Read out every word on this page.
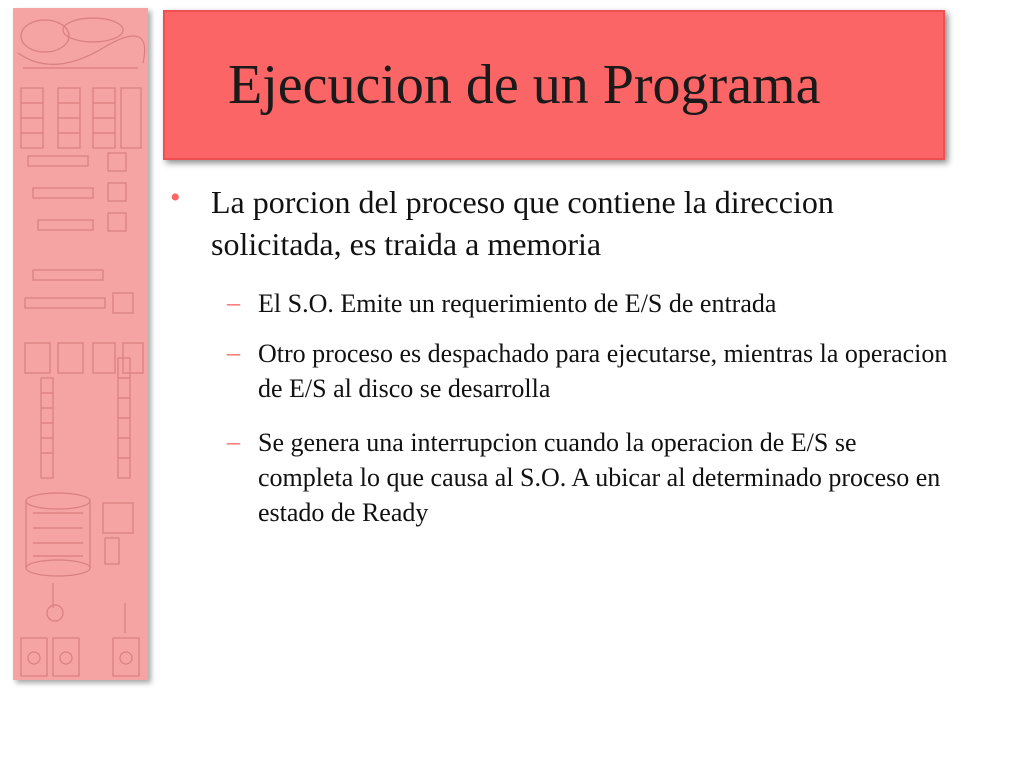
Ejecucion de un Programa
• La porcion del proceso que contiene la direccion solicitada, es traida a memoria
– El S.O. Emite un requerimiento de E/S de entrada
– Otro proceso es despachado para ejecutarse, mientras la operacion de E/S al disco se desarrolla
– Se genera una interrupcion cuando la operacion de E/S se completa lo que causa al S.O. A ubicar al determinado proceso en estado de Ready
